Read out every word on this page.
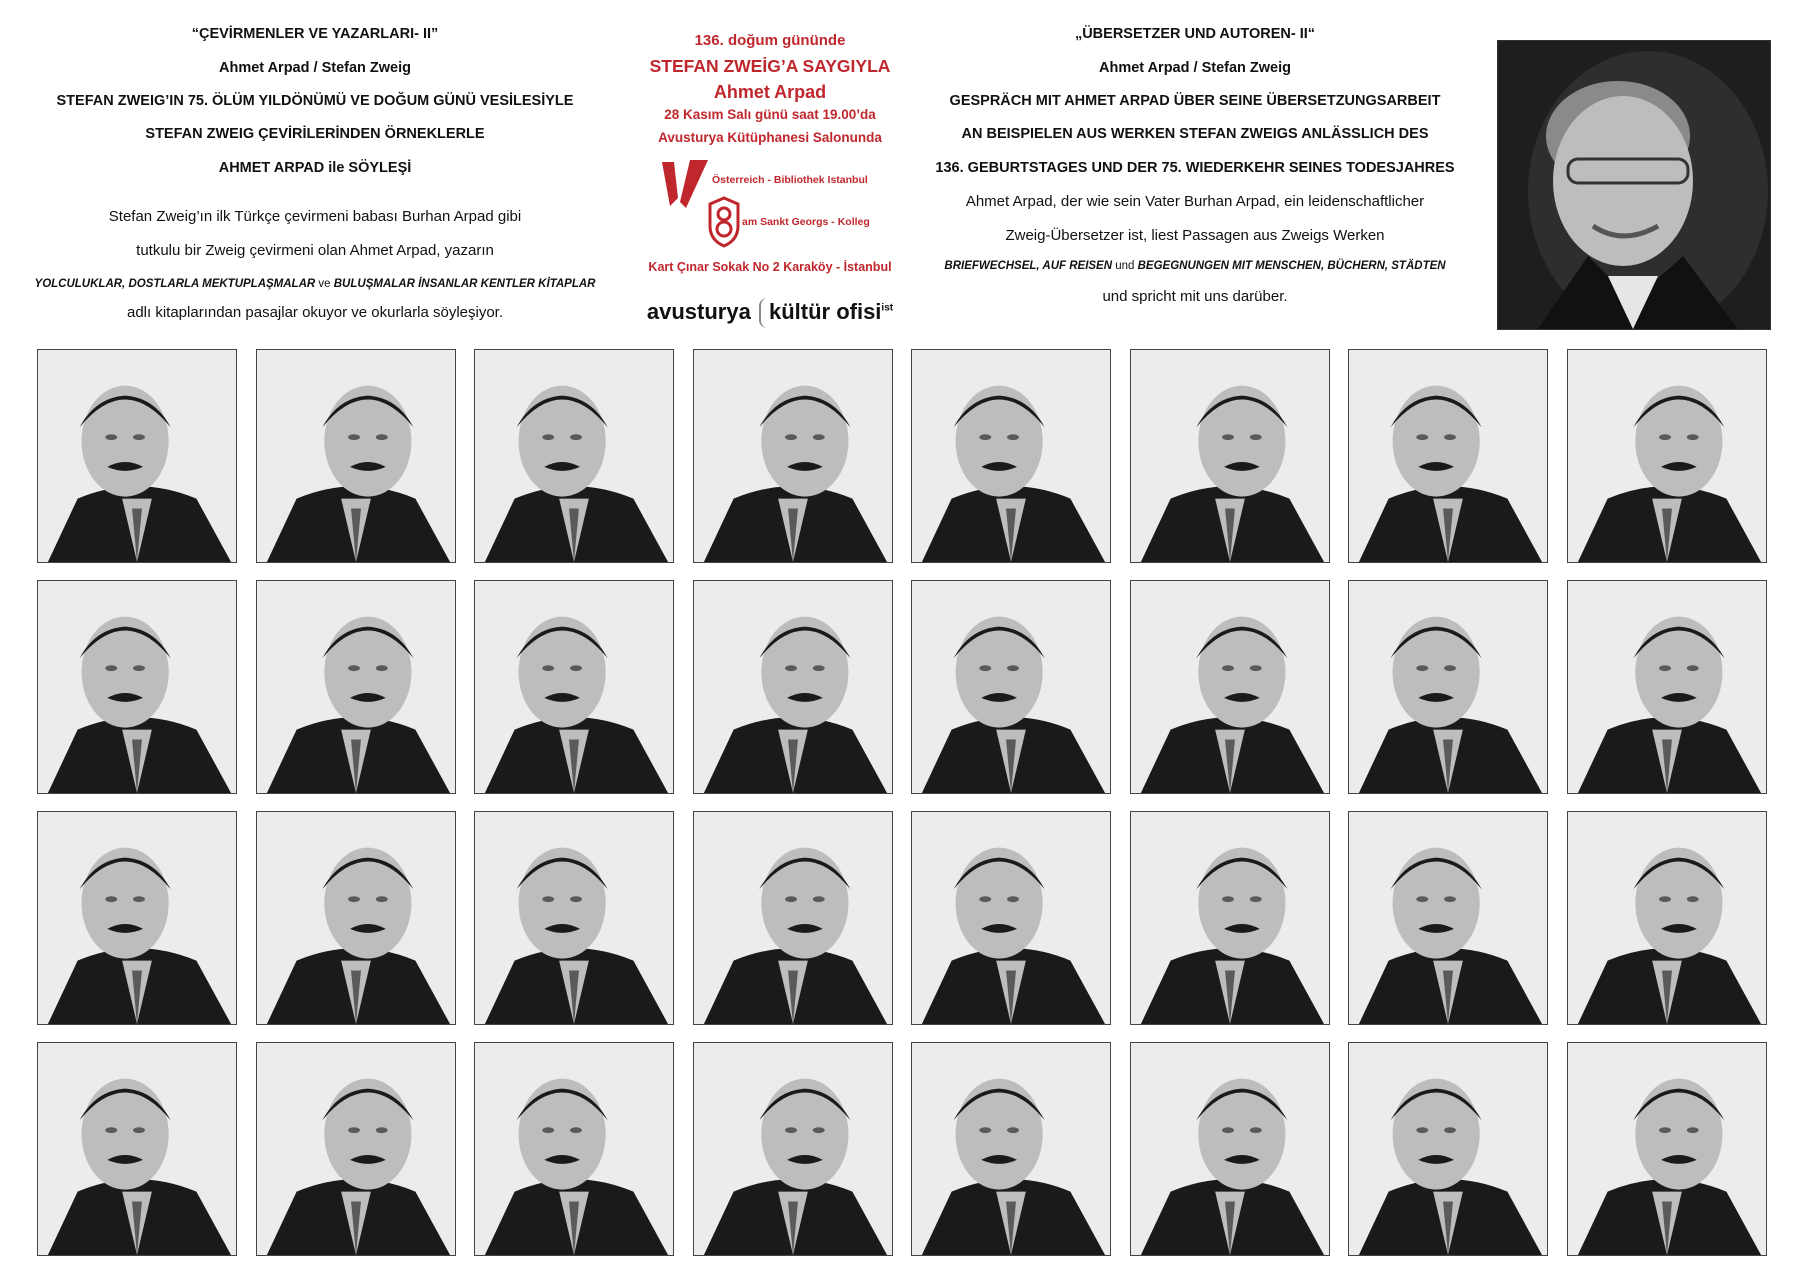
“ÇEVİRMENLER VE YAZARLARI- II”
Ahmet Arpad / Stefan Zweig
STEFAN ZWEIG’IN 75. ÖLÜM YILDÖNÜMÜ VE DOĞUM GÜNÜ VESİLESİYLE
STEFAN ZWEIG ÇEVİRİLERİNDEN ÖRNEKLERLE
AHMET ARPAD ile SÖYLEŞİ
Stefan Zweig’ın ilk Türkçe çevirmeni babası Burhan Arpad gibi
tutkulu bir Zweig çevirmeni olan Ahmet Arpad, yazarın
YOLCULUKLAR, DOSTLARLA MEKTUPLAŞMALAR ve BULUŞMALAR İNSANLAR KENTLER KİTAPLAR
adlı kitaplarından pasajlar okuyor ve okurlarla söyleşiyor.
136. doğum gününde
STEFAN ZWEİG’A SAYGIYLA
Ahmet Arpad
28 Kasım Salı günü saat 19.00’da
Avusturya Kütüphanesi Salonunda
Österreich - Bibliothek Istanbul
am Sankt Georgs - Kolleg
Kart Çınar Sokak No 2 Karaköy - İstanbul
avusturya kültür ofisi$^{ist}$
„ÜBERSETZER UND AUTOREN- II“
Ahmet Arpad / Stefan Zweig
GESPRÄCH MIT AHMET ARPAD ÜBER SEINE ÜBERSETZUNGSARBEIT
AN BEISPIELEN AUS WERKEN STEFAN ZWEIGS ANLÄSSLICH DES
136. GEBURTSTAGES UND DER 75. WIEDERKEHR SEINES TODESJAHRES
Ahmet Arpad, der wie sein Vater Burhan Arpad, ein leidenschaftlicher
Zweig-Übersetzer ist, liest Passagen aus Zweigs Werken
BRIEFWECHSEL, AUF REISEN und BEGEGNUNGEN MIT MENSCHEN, BÜCHERN, STÄDTEN
und spricht mit uns darüber.
